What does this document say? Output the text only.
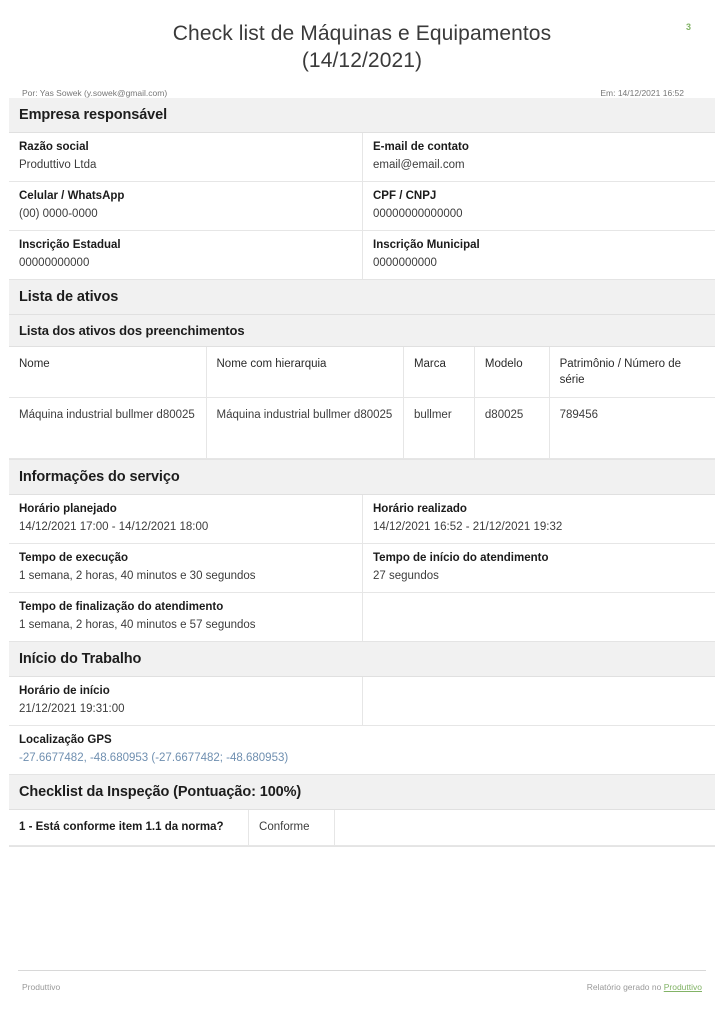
3
Check list de Máquinas e Equipamentos (14/12/2021)
Por: Yas Sowek (y.sowek@gmail.com)	Em: 14/12/2021 16:52
Empresa responsável
Razão social
Produttivo Ltda
E-mail de contato
email@email.com
Celular / WhatsApp
(00) 0000-0000
CPF / CNPJ
00000000000000
Inscrição Estadual
00000000000
Inscrição Municipal
0000000000
Lista de ativos
Lista dos ativos dos preenchimentos
Nome	Nome com hierarquia	Marca	Modelo	Patrimônio / Número de série
Máquina industrial bullmer d80025	Máquina industrial bullmer d80025	bullmer	d80025	789456
Informações do serviço
Horário planejado
14/12/2021 17:00 - 14/12/2021 18:00
Horário realizado
14/12/2021 16:52 - 21/12/2021 19:32
Tempo de execução
1 semana, 2 horas, 40 minutos e 30 segundos
Tempo de início do atendimento
27 segundos
Tempo de finalização do atendimento
1 semana, 2 horas, 40 minutos e 57 segundos
Início do Trabalho
Horário de início
21/12/2021 19:31:00
Localização GPS
-27.6677482, -48.680953 (-27.6677482; -48.680953)
Checklist da Inspeção (Pontuação: 100%)
1 - Está conforme item 1.1 da norma?	Conforme	
Produttivo	Relatório gerado no Produttivo
